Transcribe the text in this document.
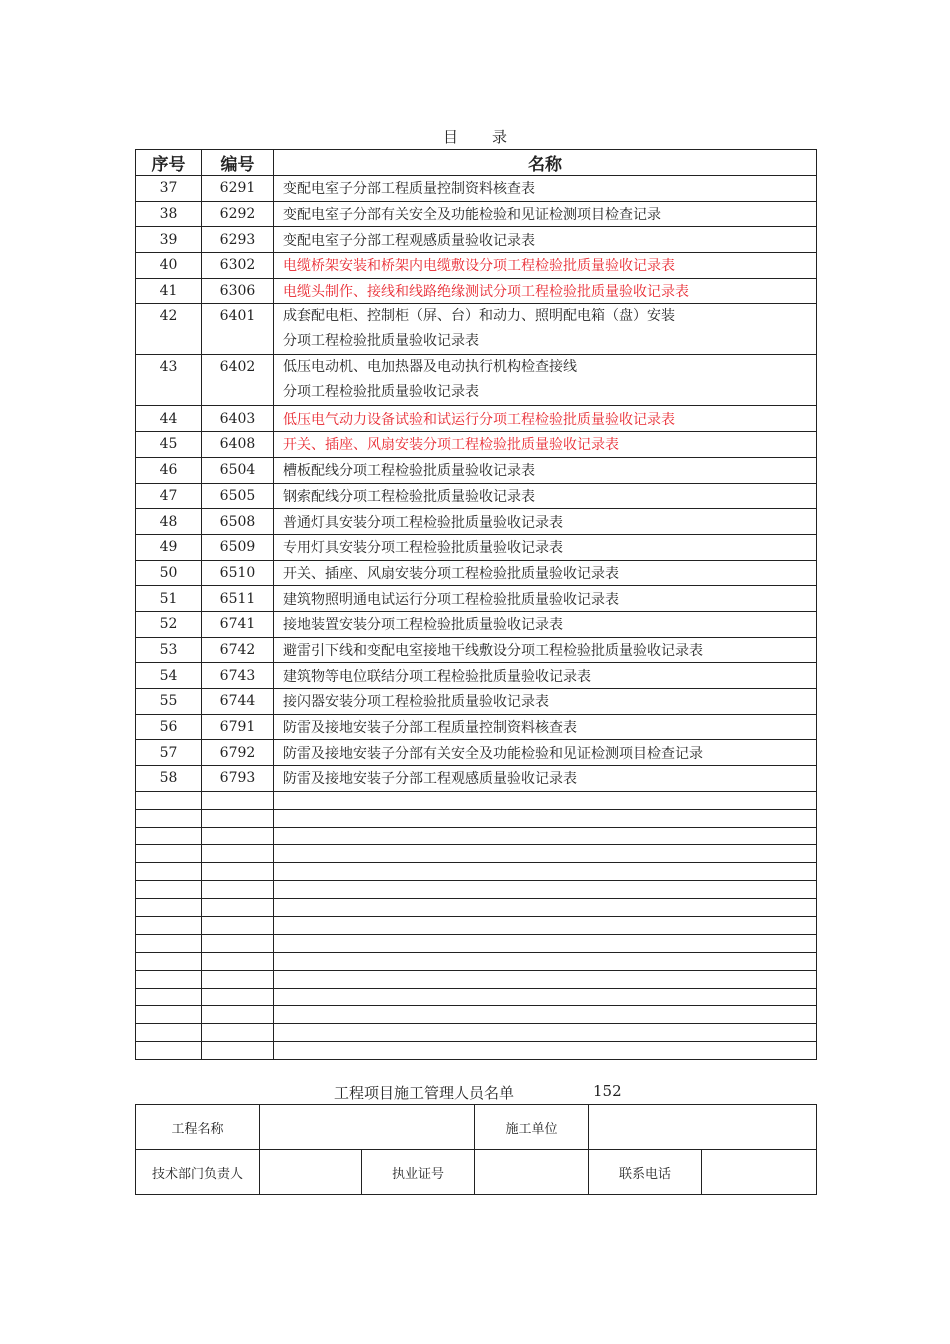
目 录
序号	编号	名称
37	6291	变配电室子分部工程质量控制资料核查表

38	6292	变配电室子分部有关安全及功能检验和见证检测项目检查记录

39	6293	变配电室子分部工程观感质量验收记录表

40	6302	电缆桥架安装和桥架内电缆敷设分项工程检验批质量验收记录表

41	6306	电缆头制作、接线和线路绝缘测试分项工程检验批质量验收记录表

42	6401	成套配电柜、控制柜（屏、台）和动力、照明配电箱（盘）安装
分项工程检验批质量验收记录表

43	6402	低压电动机、电加热器及电动执行机构检查接线
分项工程检验批质量验收记录表

44	6403	低压电气动力设备试验和试运行分项工程检验批质量验收记录表

45	6408	开关、插座、风扇安装分项工程检验批质量验收记录表

46	6504	槽板配线分项工程检验批质量验收记录表

47	6505	钢索配线分项工程检验批质量验收记录表

48	6508	普通灯具安装分项工程检验批质量验收记录表

49	6509	专用灯具安装分项工程检验批质量验收记录表

50	6510	开关、插座、风扇安装分项工程检验批质量验收记录表

51	6511	建筑物照明通电试运行分项工程检验批质量验收记录表

52	6741	接地装置安装分项工程检验批质量验收记录表

53	6742	避雷引下线和变配电室接地干线敷设分项工程检验批质量验收记录表

54	6743	建筑物等电位联结分项工程检验批质量验收记录表

55	6744	接闪器安装分项工程检验批质量验收记录表

56	6791	防雷及接地安装子分部工程质量控制资料核查表

57	6792	防雷及接地安装子分部有关安全及功能检验和见证检测项目检查记录

58	6793	防雷及接地安装子分部工程观感质量验收记录表

工程项目施工管理人员名单	152
工程名称			施工单位		
技术部门负责人		执业证号		联系电话	
